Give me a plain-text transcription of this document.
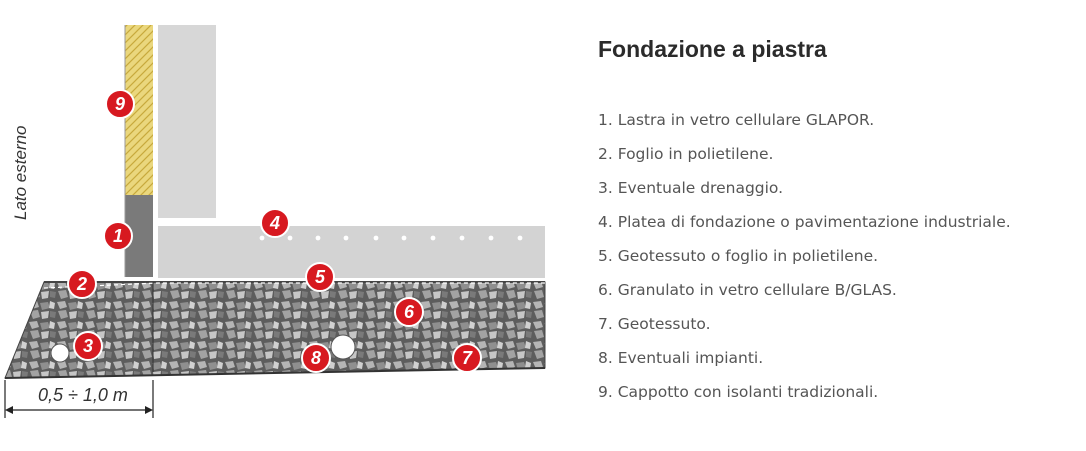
Lato esterno
0,5 ÷ 1,0 m
1
2
3
4
5
6
7
8
9
Fondazione a piastra
1. Lastra in vetro cellulare GLAPOR.
2. Foglio in polietilene.
3. Eventuale drenaggio.
4. Platea di fondazione o pavimentazione industriale.
5. Geotessuto o foglio in polietilene.
6. Granulato in vetro cellulare B/GLAS.
7. Geotessuto.
8. Eventuali impianti.
9. Cappotto con isolanti tradizionali.
